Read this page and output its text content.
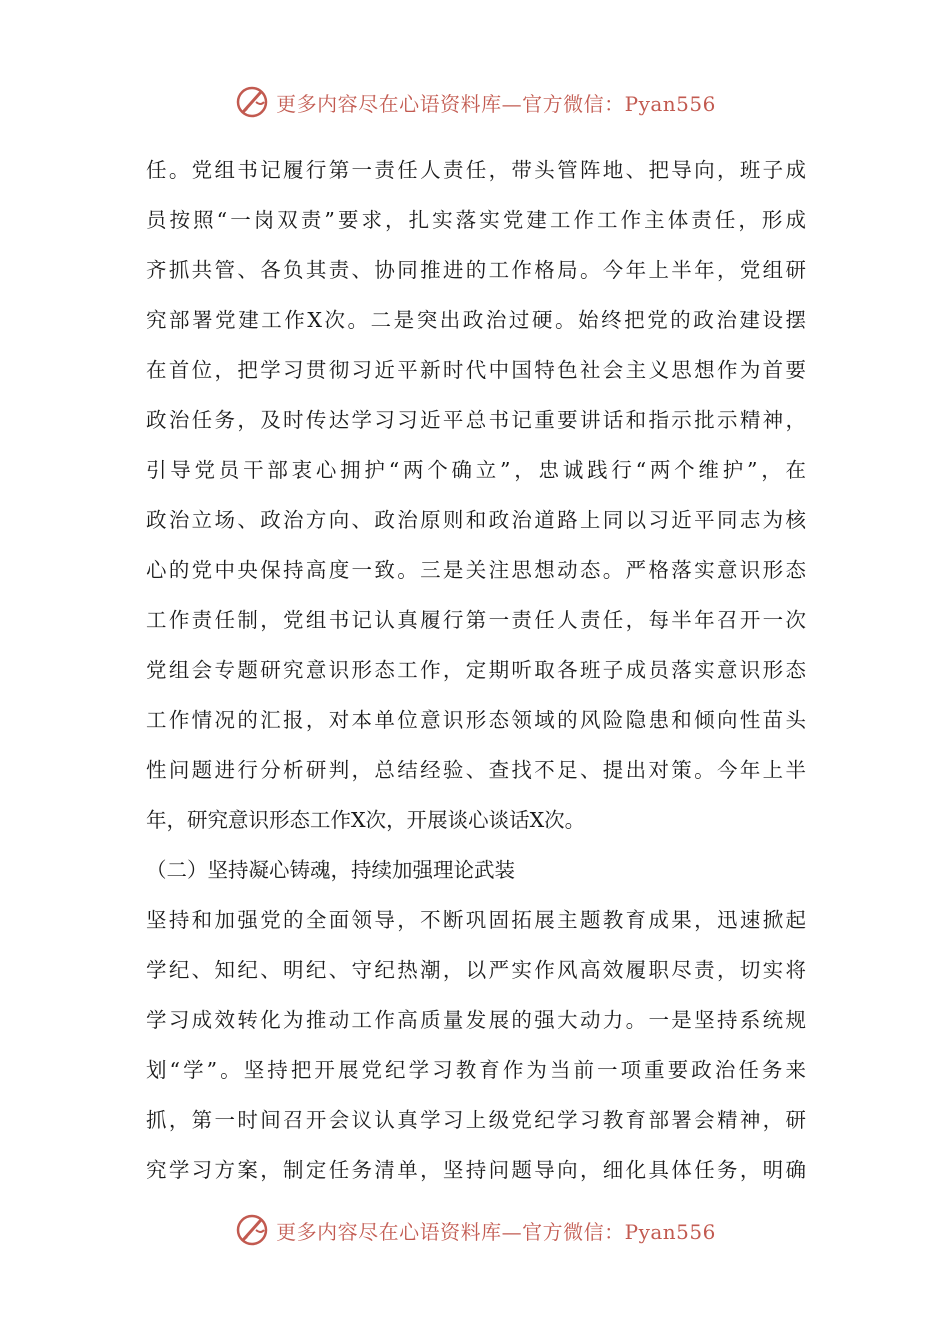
更多内容尽在心语资料库—官方微信：Pyan556
任。党组书记履行第一责任人责任，带头管阵地、把导向，班子成
员按照“一岗双责”要求，扎实落实党建工作工作主体责任，形成
齐抓共管、各负其责、协同推进的工作格局。今年上半年，党组研
究部署党建工作X次。二是突出政治过硬。始终把党的政治建设摆
在首位，把学习贯彻习近平新时代中国特色社会主义思想作为首要
政治任务，及时传达学习习近平总书记重要讲话和指示批示精神，
引导党员干部衷心拥护“两个确立”，忠诚践行“两个维护”，在
政治立场、政治方向、政治原则和政治道路上同以习近平同志为核
心的党中央保持高度一致。三是关注思想动态。严格落实意识形态
工作责任制，党组书记认真履行第一责任人责任，每半年召开一次
党组会专题研究意识形态工作，定期听取各班子成员落实意识形态
工作情况的汇报，对本单位意识形态领域的风险隐患和倾向性苗头
性问题进行分析研判，总结经验、查找不足、提出对策。今年上半
年，研究意识形态工作X次，开展谈心谈话X次。
（二）坚持凝心铸魂，持续加强理论武装
坚持和加强党的全面领导，不断巩固拓展主题教育成果，迅速掀起
学纪、知纪、明纪、守纪热潮，以严实作风高效履职尽责，切实将
学习成效转化为推动工作高质量发展的强大动力。一是坚持系统规
划“学”。坚持把开展党纪学习教育作为当前一项重要政治任务来
抓，第一时间召开会议认真学习上级党纪学习教育部署会精神，研
究学习方案，制定任务清单，坚持问题导向，细化具体任务，明确
更多内容尽在心语资料库—官方微信：Pyan556
